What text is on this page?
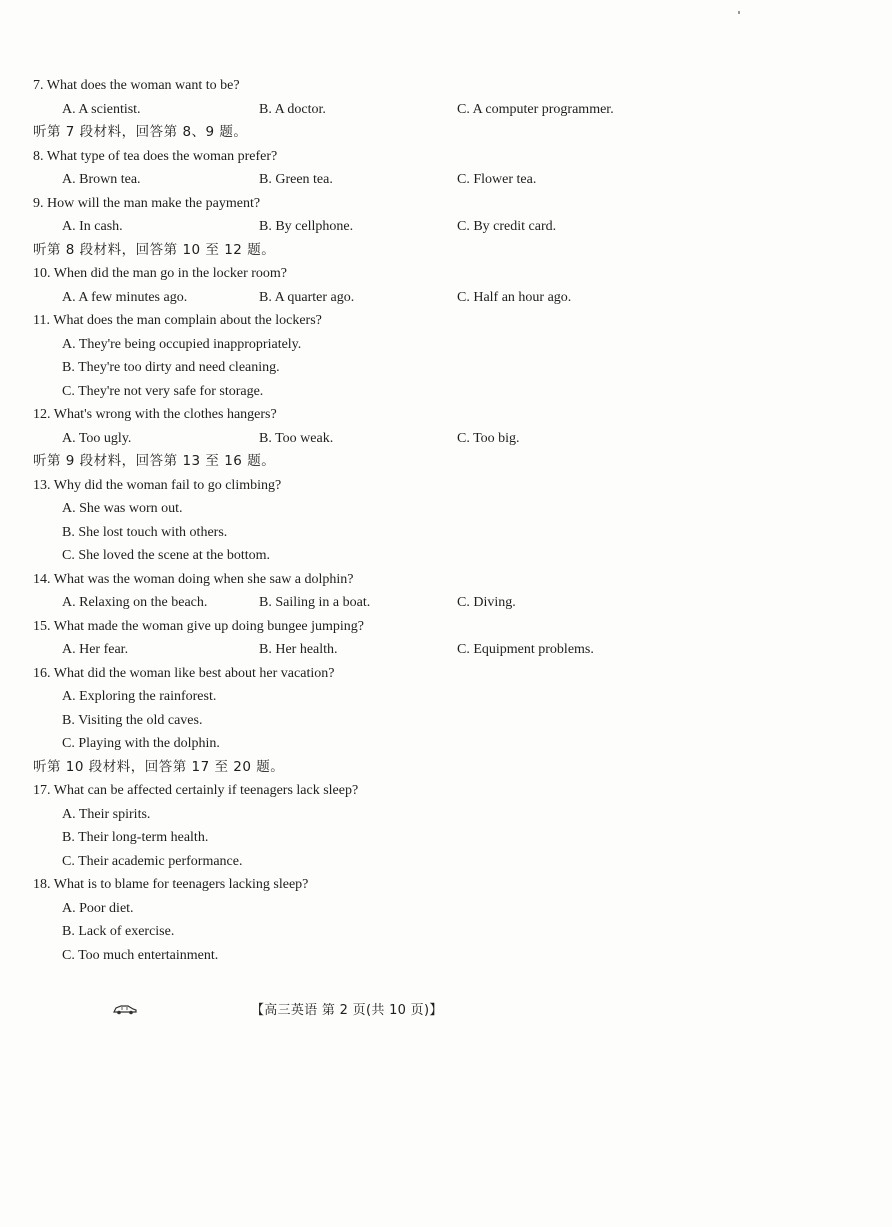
7. What does the woman want to be?
A. A scientist.	B. A doctor.	C. A computer programmer.
听第 7 段材料，回答第 8、9 题。
8. What type of tea does the woman prefer?
A. Brown tea.	B. Green tea.	C. Flower tea.
9. How will the man make the payment?
A. In cash.	B. By cellphone.	C. By credit card.
听第 8 段材料，回答第 10 至 12 题。
10. When did the man go in the locker room?
A. A few minutes ago.	B. A quarter ago.	C. Half an hour ago.
11. What does the man complain about the lockers?
A. They're being occupied inappropriately.
B. They're too dirty and need cleaning.
C. They're not very safe for storage.
12. What's wrong with the clothes hangers?
A. Too ugly.	B. Too weak.	C. Too big.
听第 9 段材料，回答第 13 至 16 题。
13. Why did the woman fail to go climbing?
A. She was worn out.
B. She lost touch with others.
C. She loved the scene at the bottom.
14. What was the woman doing when she saw a dolphin?
A. Relaxing on the beach.	B. Sailing in a boat.	C. Diving.
15. What made the woman give up doing bungee jumping?
A. Her fear.	B. Her health.	C. Equipment problems.
16. What did the woman like best about her vacation?
A. Exploring the rainforest.
B. Visiting the old caves.
C. Playing with the dolphin.
听第 10 段材料，回答第 17 至 20 题。
17. What can be affected certainly if teenagers lack sleep?
A. Their spirits.
B. Their long-term health.
C. Their academic performance.
18. What is to blame for teenagers lacking sleep?
A. Poor diet.
B. Lack of exercise.
C. Too much entertainment.
【高三英语 第 2 页(共 10 页)】
